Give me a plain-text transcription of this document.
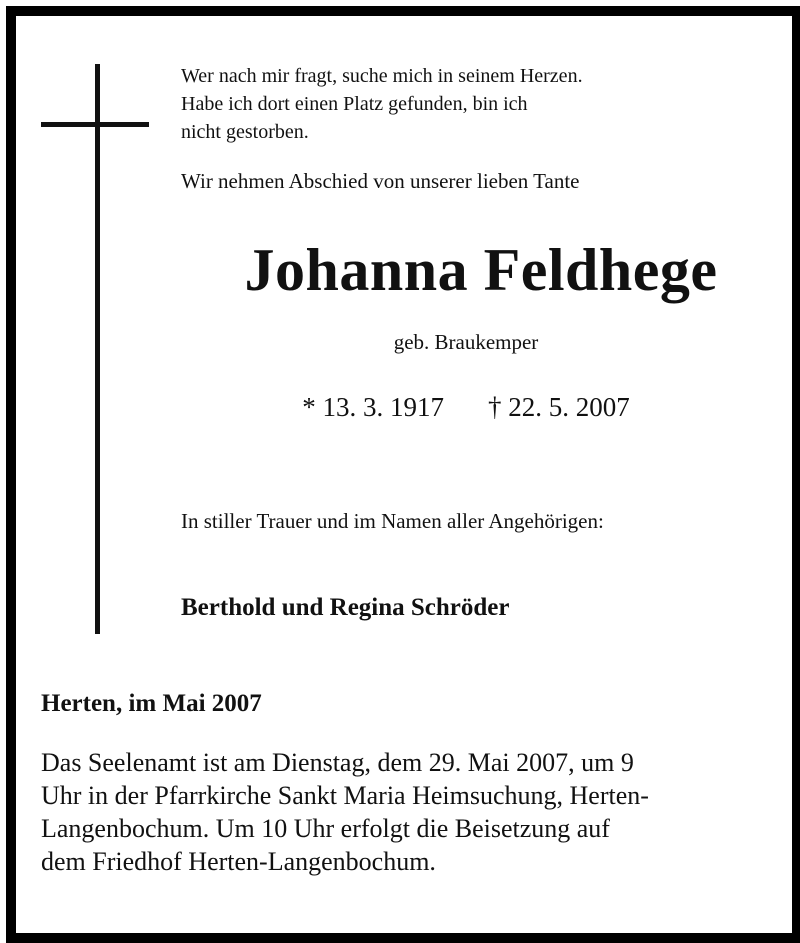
Wer nach mir fragt, suche mich in seinem Herzen.
Habe ich dort einen Platz gefunden, bin ich
nicht gestorben.

Wir nehmen Abschied von unserer lieben Tante

Johanna Feldhege

geb. Braukemper

* 13. 3. 1917 † 22. 5. 2007

In stiller Trauer und im Namen aller Angehörigen:

Berthold und Regina Schröder

Herten, im Mai 2007

Das Seelenamt ist am Dienstag, dem 29. Mai 2007, um 9
Uhr in der Pfarrkirche Sankt Maria Heimsuchung, Herten-
Langenbochum. Um 10 Uhr erfolgt die Beisetzung auf
dem Friedhof Herten-Langenbochum.
